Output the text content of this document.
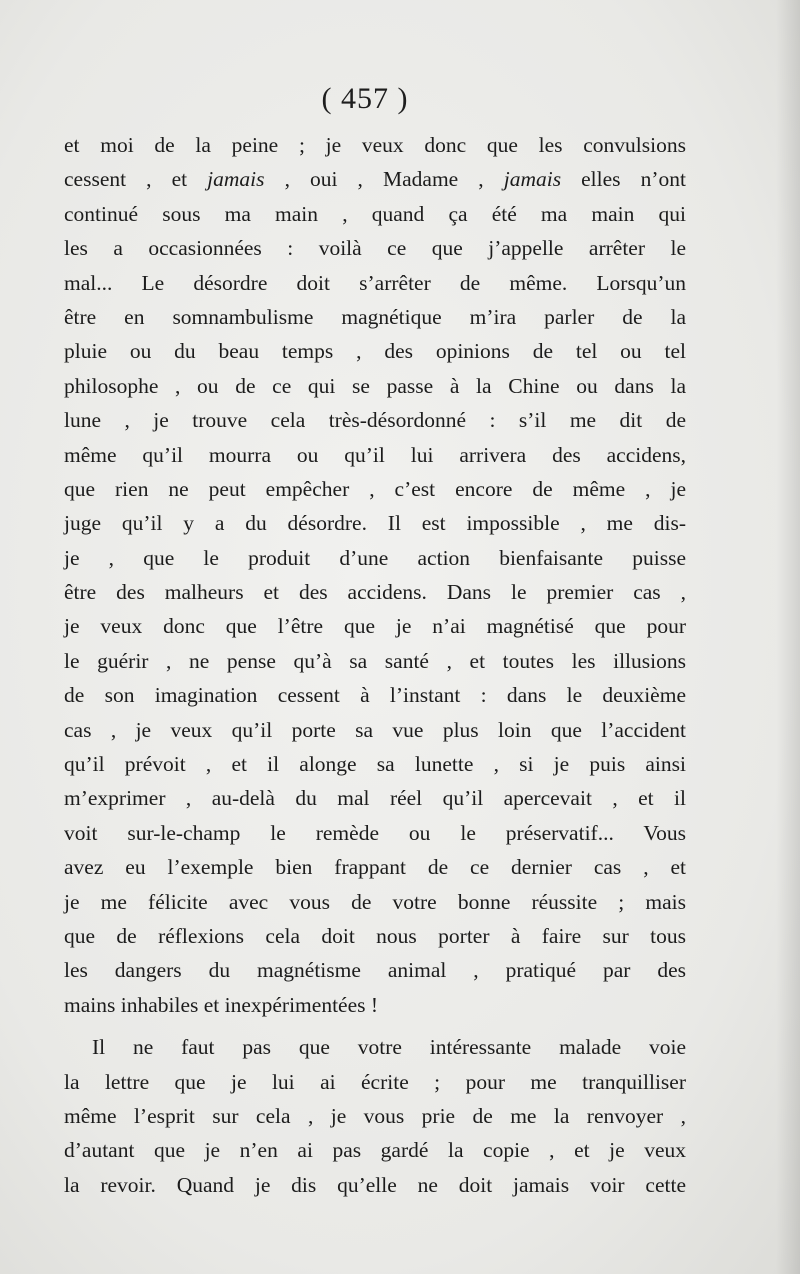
( 457 )
et moi de la peine ; je veux donc que les convulsions
cessent , et jamais , oui , Madame , jamais elles n’ont
continué sous ma main , quand ça été ma main qui
les a occasionnées : voilà ce que j’appelle arrêter le
mal... Le désordre doit s’arrêter de même. Lorsqu’un
être en somnambulisme magnétique m’ira parler de la
pluie ou du beau temps , des opinions de tel ou tel
philosophe , ou de ce qui se passe à la Chine ou dans la
lune , je trouve cela très-désordonné : s’il me dit de
même qu’il mourra ou qu’il lui arrivera des accidens,
que rien ne peut empêcher , c’est encore de même , je
juge qu’il y a du désordre. Il est impossible , me dis-
je , que le produit d’une action bienfaisante puisse
être des malheurs et des accidens. Dans le premier cas ,
je veux donc que l’être que je n’ai magnétisé que pour
le guérir , ne pense qu’à sa santé , et toutes les illusions
de son imagination cessent à l’instant : dans le deuxième
cas , je veux qu’il porte sa vue plus loin que l’accident
qu’il prévoit , et il alonge sa lunette , si je puis ainsi
m’exprimer , au-delà du mal réel qu’il apercevait , et il
voit sur-le-champ le remède ou le préservatif... Vous
avez eu l’exemple bien frappant de ce dernier cas , et
je me félicite avec vous de votre bonne réussite ; mais
que de réflexions cela doit nous porter à faire sur tous
les dangers du magnétisme animal , pratiqué par des
mains inhabiles et inexpérimentées !
Il ne faut pas que votre intéressante malade voie
la lettre que je lui ai écrite ; pour me tranquilliser
même l’esprit sur cela , je vous prie de me la renvoyer ,
d’autant que je n’en ai pas gardé la copie , et je veux
la revoir. Quand je dis qu’elle ne doit jamais voir cette
